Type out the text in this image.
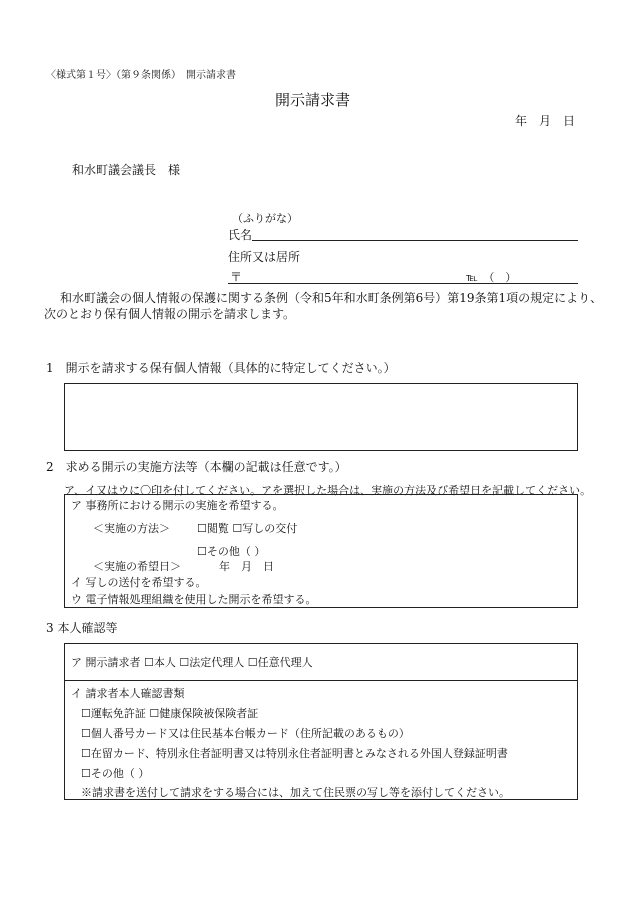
〈様式第１号〉（第９条関係）　開示請求書
開示請求書
年　月　日
和水町議会議長　様
（ふりがな）
氏名
住所又は居所
〒	℡　（　）
和水町議会の個人情報の保護に関する条例（令和5年和水町条例第6号）第19条第1項の規定により、
次のとおり保有個人情報の開示を請求します。
1　開示を請求する保有個人情報（具体的に特定してください。）
2　求める開示の実施方法等（本欄の記載は任意です。）
ア、イ又はウに〇印を付してください。アを選択した場合は、実施の方法及び希望日を記載してください。
ア 事務所における開示の実施を希望する。
＜実施の方法＞ ☐閲覧 ☐写しの交付
☐その他（ ）
＜実施の希望日＞	年　月　日
イ 写しの送付を希望する。
ウ 電子情報処理組織を使用した開示を希望する。
3 本人確認等
ア 開示請求者 ☐本人 ☐法定代理人 ☐任意代理人
イ 請求者本人確認書類
☐運転免許証 ☐健康保険被保険者証
☐個人番号カード又は住民基本台帳カード（住所記載のあるもの）
☐在留カード、特別永住者証明書又は特別永住者証明書とみなされる外国人登録証明書
☐その他（ ）
※請求書を送付して請求をする場合には、加えて住民票の写し等を添付してください。
